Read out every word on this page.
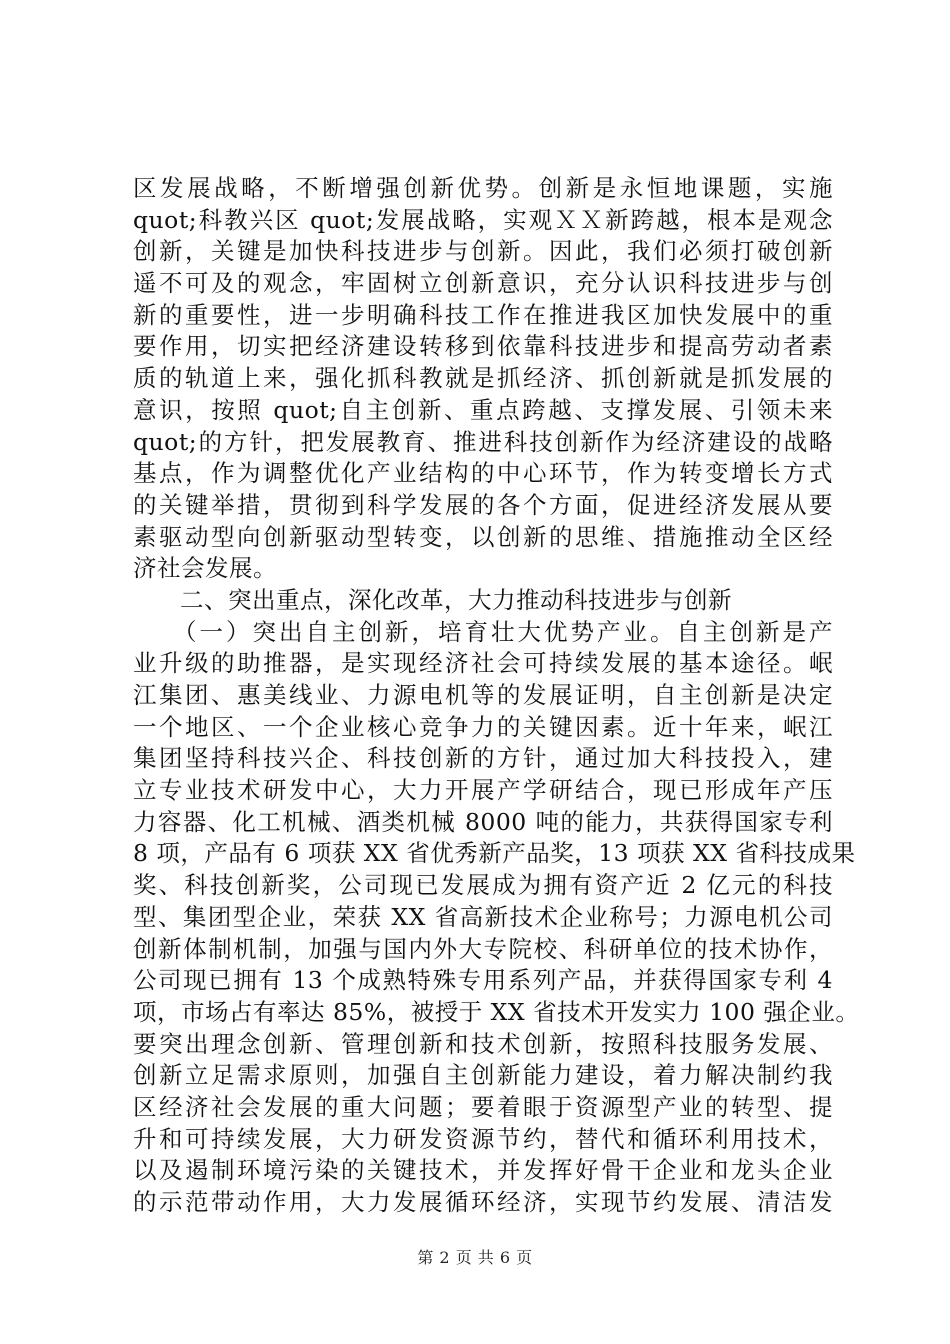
区发展战略，不断增强创新优势。创新是永恒地课题，实施
quot;科教兴区 quot;发展战略，实观ＸＸ新跨越，根本是观念
创新，关键是加快科技进步与创新。因此，我们必须打破创新
遥不可及的观念，牢固树立创新意识，充分认识科技进步与创
新的重要性，进一步明确科技工作在推进我区加快发展中的重
要作用，切实把经济建设转移到依靠科技进步和提高劳动者素
质的轨道上来，强化抓科教就是抓经济、抓创新就是抓发展的
意识，按照 quot;自主创新、重点跨越、支撑发展、引领未来
quot;的方针，把发展教育、推进科技创新作为经济建设的战略
基点，作为调整优化产业结构的中心环节，作为转变增长方式
的关键举措，贯彻到科学发展的各个方面，促进经济发展从要
素驱动型向创新驱动型转变，以创新的思维、措施推动全区经
济社会发展。
二、突出重点，深化改革，大力推动科技进步与创新
（一）突出自主创新，培育壮大优势产业。自主创新是产
业升级的助推器，是实现经济社会可持续发展的基本途径。岷
江集团、惠美线业、力源电机等的发展证明，自主创新是决定
一个地区、一个企业核心竞争力的关键因素。近十年来，岷江
集团坚持科技兴企、科技创新的方针，通过加大科技投入，建
立专业技术研发中心，大力开展产学研结合，现已形成年产压
力容器、化工机械、酒类机械 8000 吨的能力，共获得国家专利
8 项，产品有 6 项获 XX 省优秀新产品奖，13 项获 XX 省科技成果
奖、科技创新奖，公司现已发展成为拥有资产近 2 亿元的科技
型、集团型企业，荣获 XX 省高新技术企业称号；力源电机公司
创新体制机制，加强与国内外大专院校、科研单位的技术协作，
公司现已拥有 13 个成熟特殊专用系列产品，并获得国家专利 4
项，市场占有率达 85%，被授于 XX 省技术开发实力 100 强企业。
要突出理念创新、管理创新和技术创新，按照科技服务发展、
创新立足需求原则，加强自主创新能力建设，着力解决制约我
区经济社会发展的重大问题；要着眼于资源型产业的转型、提
升和可持续发展，大力研发资源节约，替代和循环利用技术，
以及遏制环境污染的关键技术，并发挥好骨干企业和龙头企业
的示范带动作用，大力发展循环经济，实现节约发展、清洁发
第 2 页 共 6 页
